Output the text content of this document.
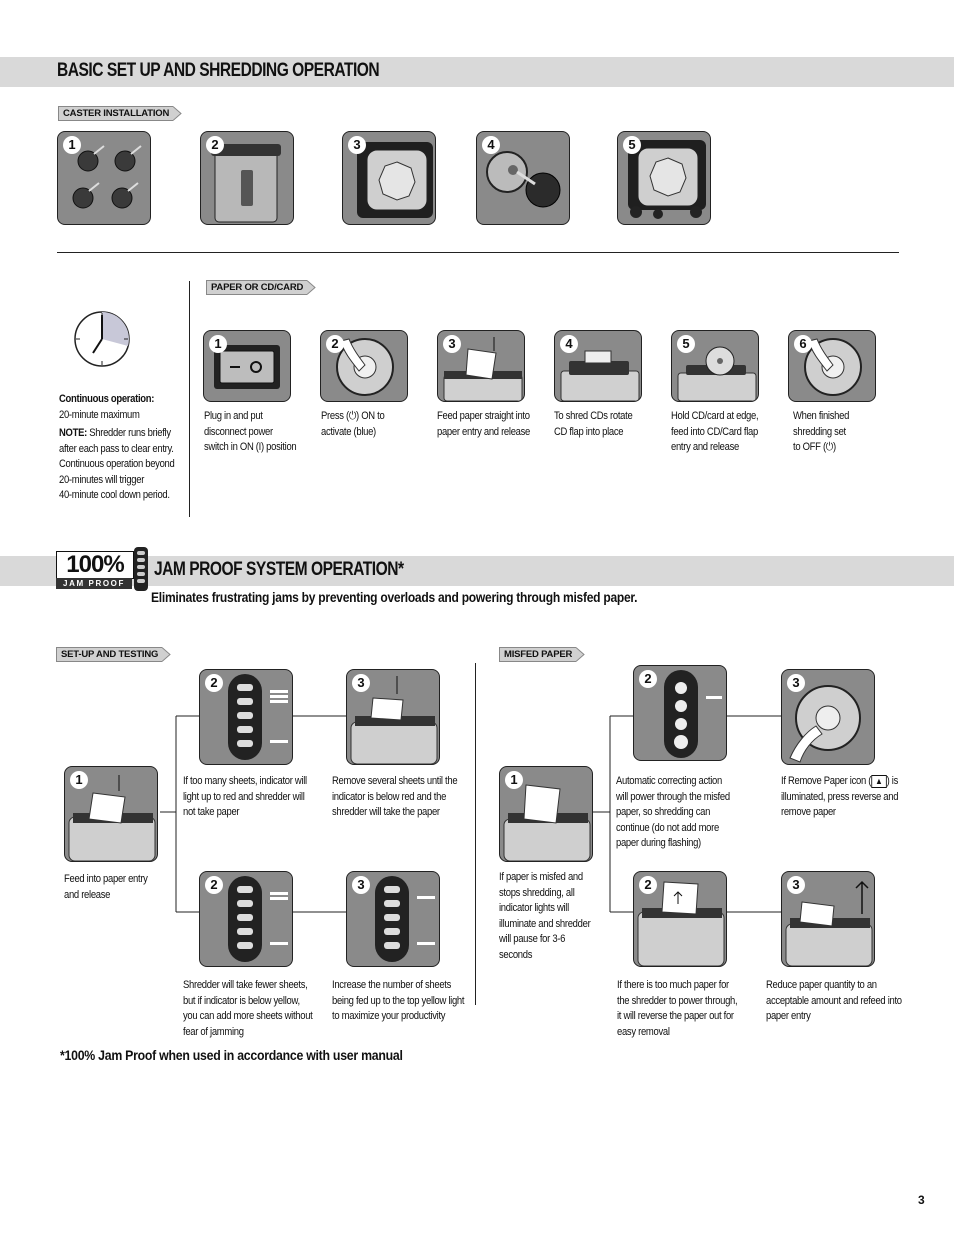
BASIC SET UP AND SHREDDING OPERATION
CASTER INSTALLATION
1	2	3	4	5
Continuous operation:
20-minute maximum
NOTE: Shredder runs briefly
after each pass to clear entry.
Continuous operation beyond
20-minutes will trigger
40-minute cool down period.
PAPER OR CD/CARD
1
Plug in and put
disconnect power
switch in ON (I) position
2
Press (⏻) ON to
activate (blue)
3
Feed paper straight into
paper entry and release
4
To shred CDs rotate
CD flap into place
5
Hold CD/card at edge,
feed into CD/Card flap
entry and release
6
When finished
shredding set
to OFF (⏻)
100%
JAM PROOF
JAM PROOF SYSTEM OPERATION*
Eliminates frustrating jams by preventing overloads and powering through misfed paper.
SET-UP AND TESTING
1
Feed into paper entry
and release
2
If too many sheets, indicator will
light up to red and shredder will
not take paper
3
Remove several sheets until the
indicator is below red and the
shredder will take the paper
2
Shredder will take fewer sheets,
but if indicator is below yellow,
you can add more sheets without
fear of jamming
3
Increase the number of sheets
being fed up to the top yellow light
to maximize your productivity
MISFED PAPER
1
If paper is misfed and
stops shredding, all
indicator lights will
illuminate and shredder
will pause for 3-6
seconds
2
Automatic correcting action
will power through the misfed
paper, so shredding can
continue (do not add more
paper during flashing)
3
If Remove Paper icon ( ▲ ) is
illuminated, press reverse and
remove paper
2
If there is too much paper for
the shredder to power through,
it will reverse the paper out for
easy removal
3
Reduce paper quantity to an
acceptable amount and refeed into
paper entry
*100% Jam Proof when used in accordance with user manual
3
